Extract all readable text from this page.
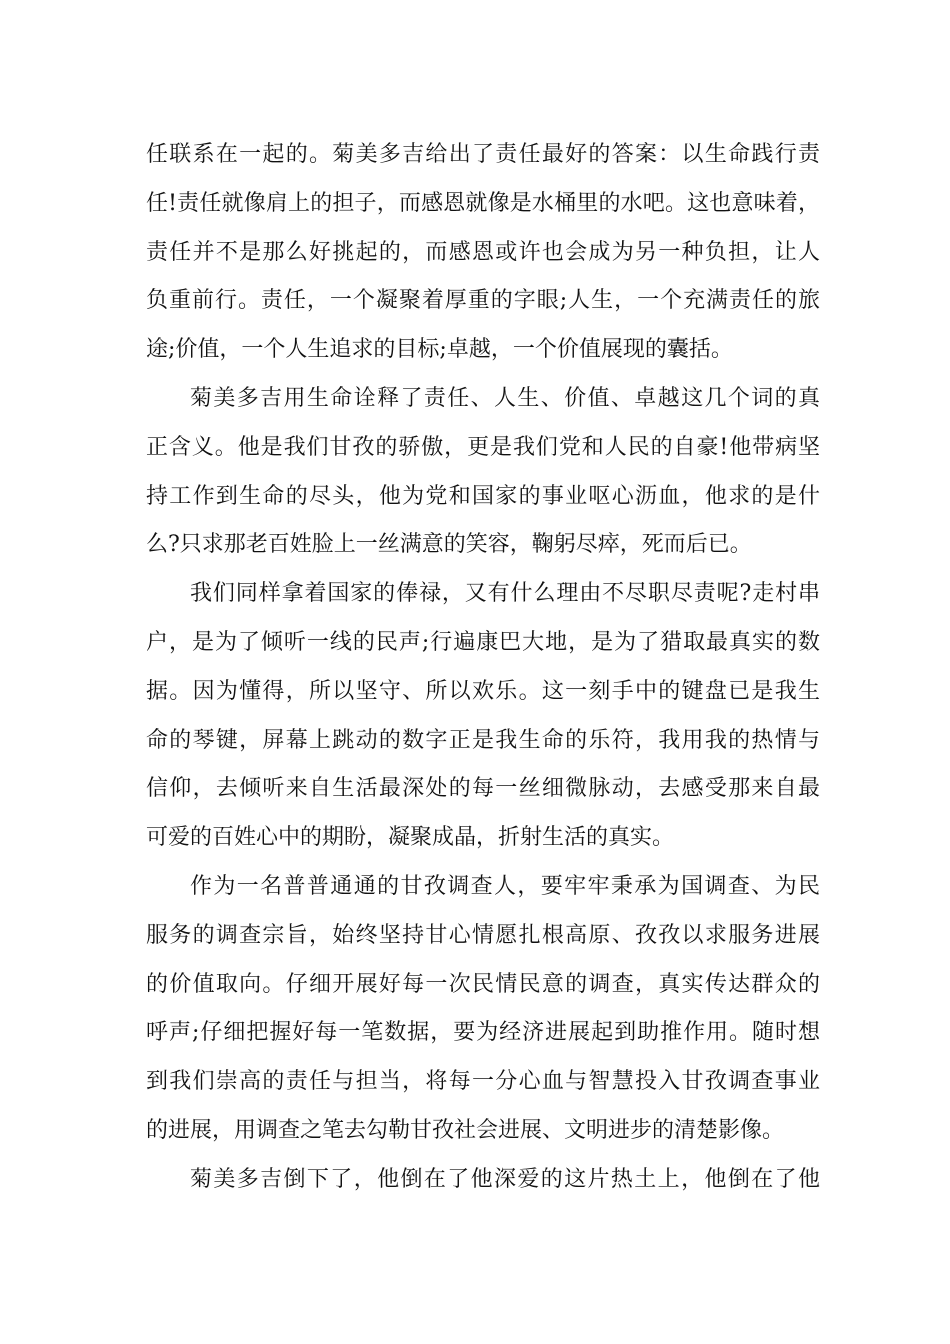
任联系在一起的。菊美多吉给出了责任最好的答案：以生命践行责
任!责任就像肩上的担子，而感恩就像是水桶里的水吧。这也意味着，
责任并不是那么好挑起的，而感恩或许也会成为另一种负担，让人
负重前行。责任，一个凝聚着厚重的字眼;人生，一个充满责任的旅
途;价值，一个人生追求的目标;卓越，一个价值展现的囊括。
菊美多吉用生命诠释了责任、人生、价值、卓越这几个词的真
正含义。他是我们甘孜的骄傲，更是我们党和人民的自豪!他带病坚
持工作到生命的尽头，他为党和国家的事业呕心沥血，他求的是什
么?只求那老百姓脸上一丝满意的笑容，鞠躬尽瘁，死而后已。
我们同样拿着国家的俸禄，又有什么理由不尽职尽责呢?走村串
户，是为了倾听一线的民声;行遍康巴大地，是为了猎取最真实的数
据。因为懂得，所以坚守、所以欢乐。这一刻手中的键盘已是我生
命的琴键，屏幕上跳动的数字正是我生命的乐符，我用我的热情与
信仰，去倾听来自生活最深处的每一丝细微脉动，去感受那来自最
可爱的百姓心中的期盼，凝聚成晶，折射生活的真实。
作为一名普普通通的甘孜调查人，要牢牢秉承为国调查、为民
服务的调查宗旨，始终坚持甘心情愿扎根高原、孜孜以求服务进展
的价值取向。仔细开展好每一次民情民意的调查，真实传达群众的
呼声;仔细把握好每一笔数据，要为经济进展起到助推作用。随时想
到我们崇高的责任与担当，将每一分心血与智慧投入甘孜调查事业
的进展，用调查之笔去勾勒甘孜社会进展、文明进步的清楚影像。
菊美多吉倒下了，他倒在了他深爱的这片热土上，他倒在了他
